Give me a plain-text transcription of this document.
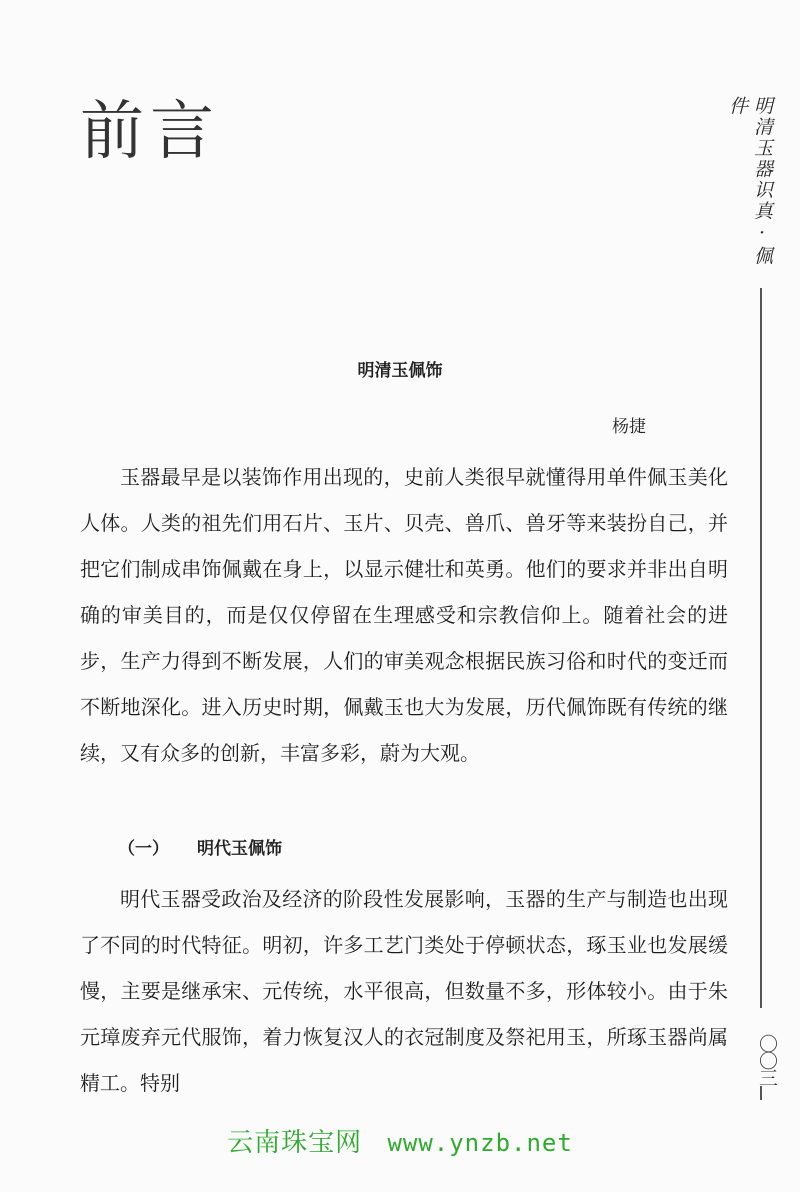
前言	明清玉器识真·佩件
〇〇三
明清玉佩饰
杨捷

玉器最早是以装饰作用出现的，史前人类很早就懂得用单件佩玉美化人体。人类的祖先们用石片、玉片、贝壳、兽爪、兽牙等来装扮自己，并把它们制成串饰佩戴在身上，以显示健壮和英勇。他们的要求并非出自明确的审美目的，而是仅仅停留在生理感受和宗教信仰上。随着社会的进步，生产力得到不断发展，人们的审美观念根据民族习俗和时代的变迁而不断地深化。进入历史时期，佩戴玉也大为发展，历代佩饰既有传统的继续，又有众多的创新，丰富多彩，蔚为大观。

（一） 明代玉佩饰

明代玉器受政治及经济的阶段性发展影响，玉器的生产与制造也出现了不同的时代特征。明初，许多工艺门类处于停顿状态，琢玉业也发展缓慢，主要是继承宋、元传统，水平很高，但数量不多，形体较小。由于朱元璋废弃元代服饰，着力恢复汉人的衣冠制度及祭祀用玉，所琢玉器尚属精工。特别

云南珠宝网 www.ynzb.net
